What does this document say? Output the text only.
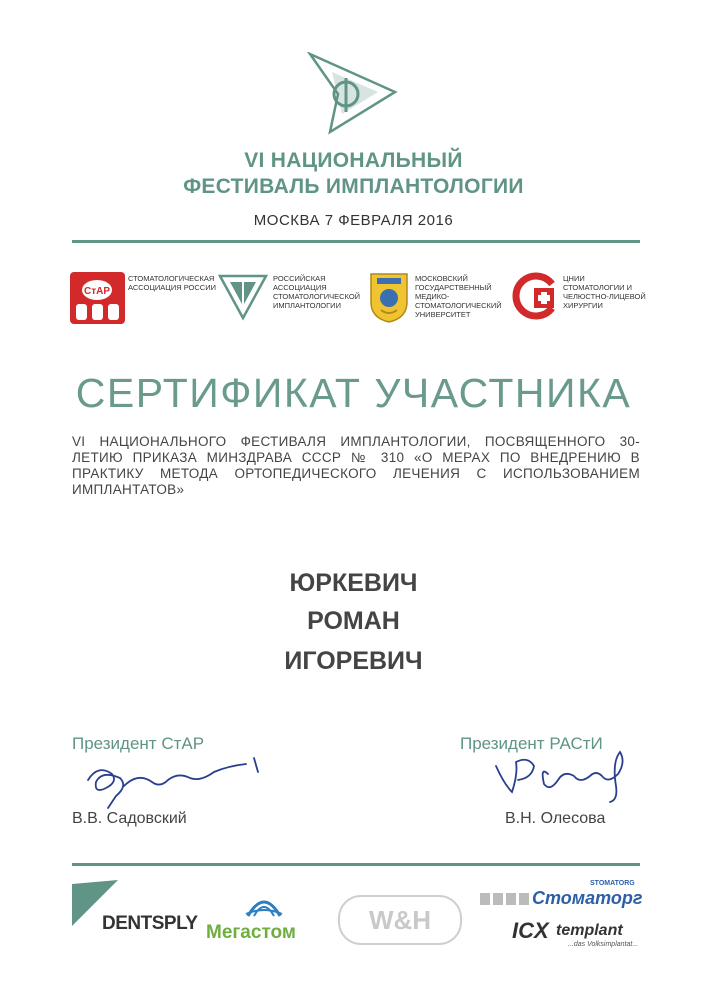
VI НАЦИОНАЛЬНЫЙ
ФЕСТИВАЛЬ ИМПЛАНТОЛОГИИ
МОСКВА 7 ФЕВРАЛЯ 2016
СтАР
СТОМАТОЛОГИЧЕСКАЯ АССОЦИАЦИЯ РОССИИ
РОССИЙСКАЯ АССОЦИАЦИЯ СТОМАТОЛОГИЧЕСКОЙ ИМПЛАНТОЛОГИИ
МОСКОВСКИЙ ГОСУДАРСТВЕННЫЙ МЕДИКО-СТОМАТОЛОГИЧЕСКИЙ УНИВЕРСИТЕТ
ЦНИИ СТОМАТОЛОГИИ И ЧЕЛЮСТНО-ЛИЦЕВОЙ ХИРУРГИИ
СЕРТИФИКАТ УЧАСТНИКА
VI НАЦИОНАЛЬНОГО ФЕСТИВАЛЯ ИМПЛАНТОЛОГИИ, ПОСВЯЩЕННОГО 30-ЛЕТИЮ ПРИКАЗА МИНЗДРАВА СССР № 310 «О МЕРАХ ПО ВНЕДРЕНИЮ В ПРАКТИКУ МЕТОДА ОРТОПЕДИЧЕСКОГО ЛЕЧЕНИЯ С ИСПОЛЬЗОВАНИЕМ ИМПЛАНТАТОВ»
ЮРКЕВИЧ
РОМАН
ИГОРЕВИЧ
Президент СтАР
В.В. Садовский
Президент РАСтИ
В.Н. Олесова
DENTSPLY Мегастом	W&H
STOMATORG
Стоматорг
ICX templant
...das Volksimplantat...
